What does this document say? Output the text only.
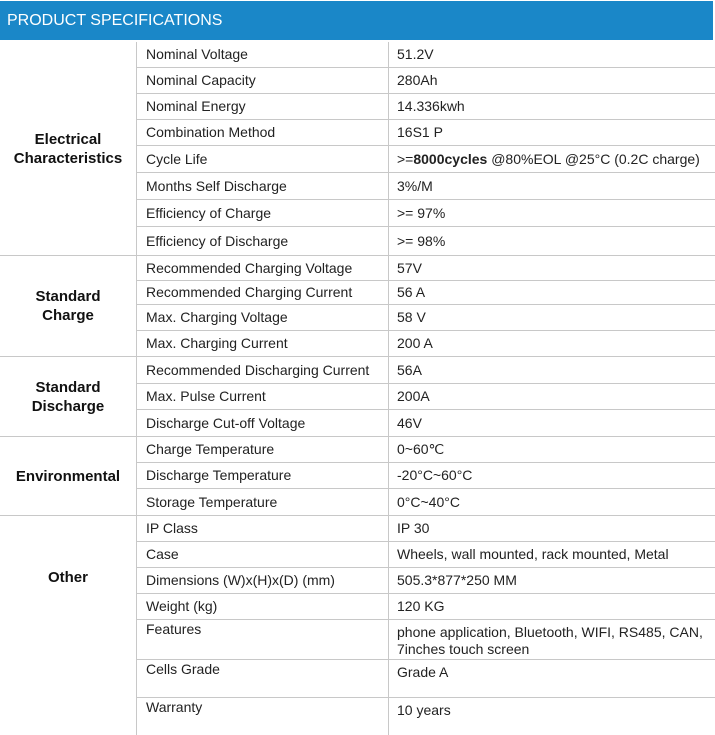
PRODUCT SPECIFICATIONS
Electrical Characteristics
Nominal Voltage	51.2V
Nominal Capacity	280Ah
Nominal Energy	14.336kwh
Combination Method	16S1 P
Cycle Life	>=8000cycles @80%EOL @25°C (0.2C charge)
Months Self Discharge	3%/M
Efficiency of Charge	>= 97%
Efficiency of Discharge	>= 98%
Standard Charge
Recommended Charging Voltage	57V
Recommended Charging Current	56 A
Max. Charging Voltage	58 V
Max. Charging Current	200 A
Standard Discharge
Recommended Discharging Current 56A
Max. Pulse Current	200A
Discharge Cut-off Voltage	46V
Environmental
Charge Temperature	0~60℃
Discharge Temperature	-20°C~60°C
Storage Temperature	0°C~40°C
Other
IP Class	IP 30
Case	Wheels, wall mounted, rack mounted, Metal
Dimensions (W)x(H)x(D) (mm)	505.3*877*250 MM
Weight (kg)	120 KG
Features	phone application, Bluetooth, WIFI, RS485, CAN, 7inches touch screen
Cells Grade	Grade A
Warranty	10 years
